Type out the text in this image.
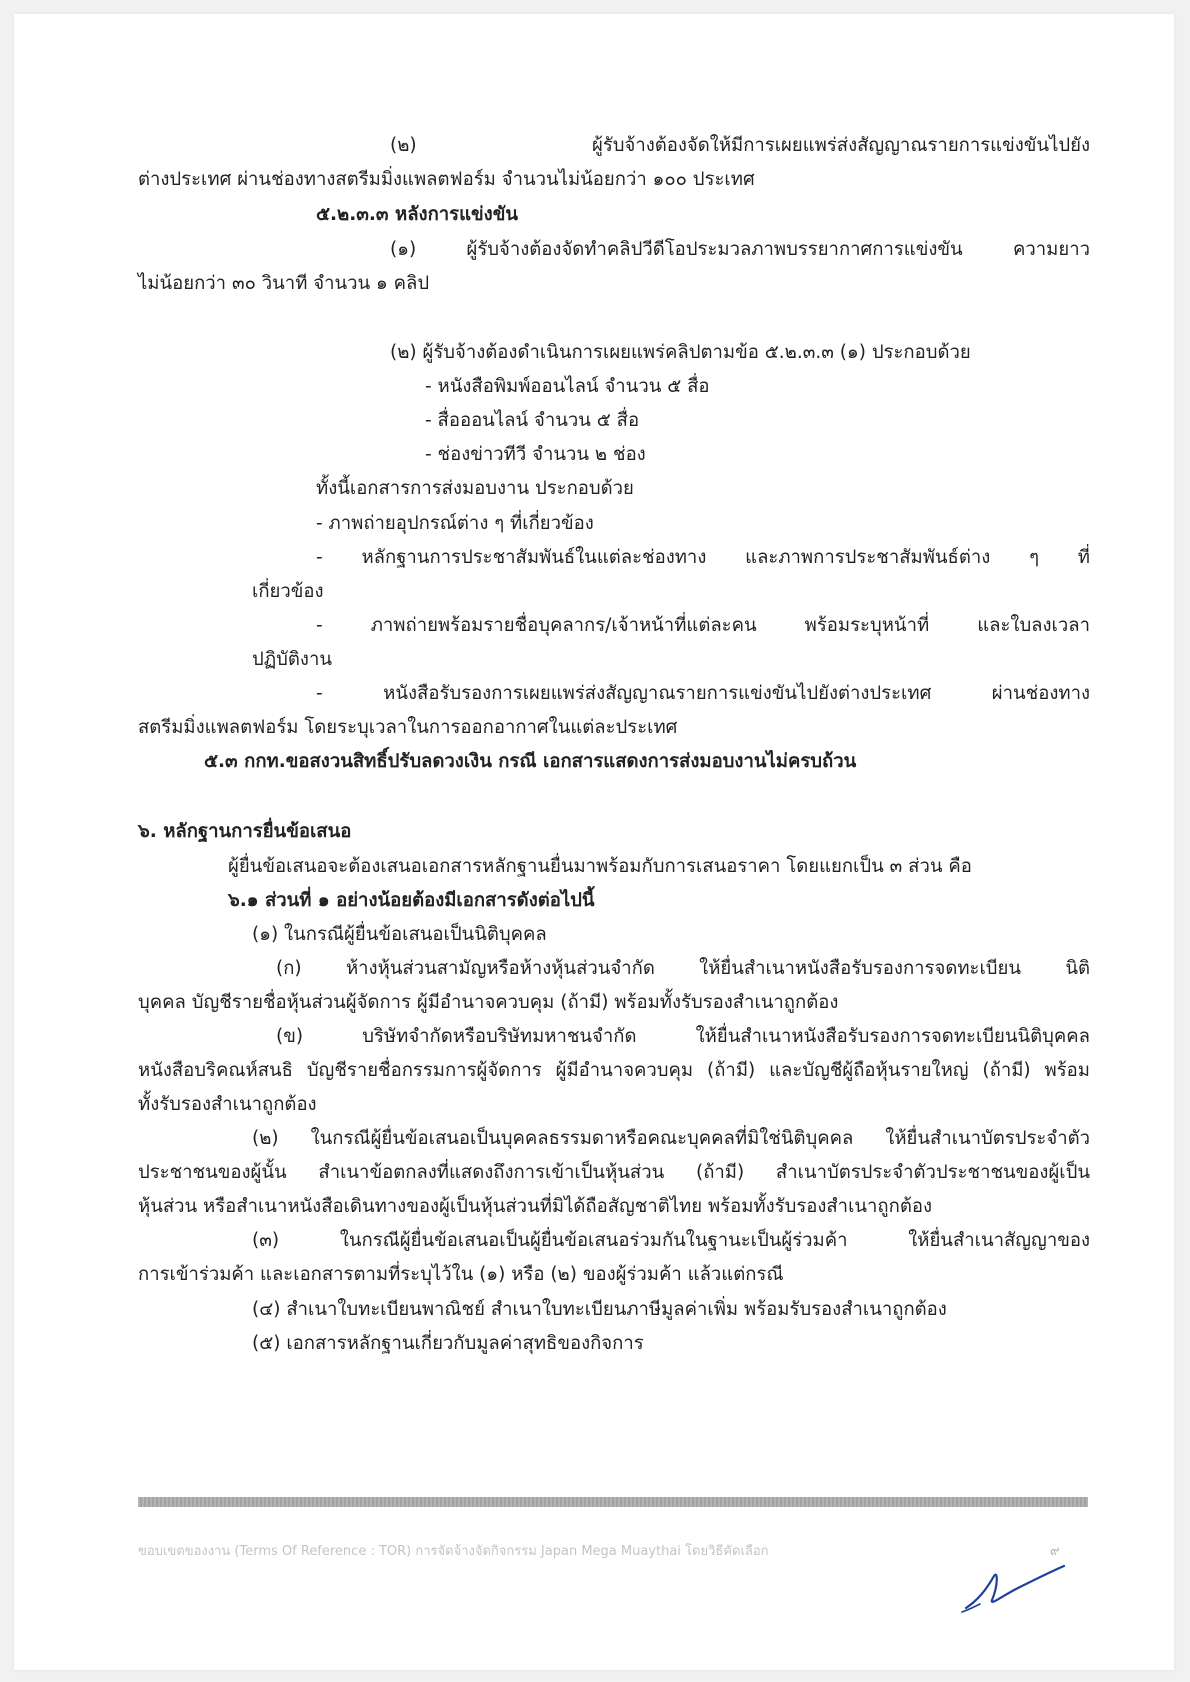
(๒) ผู้รับจ้างต้องจัดให้มีการเผยแพร่ส่งสัญญาณรายการแข่งขันไปยัง
ต่างประเทศ ผ่านช่องทางสตรีมมิ่งแพลตฟอร์ม จำนวนไม่น้อยกว่า ๑๐๐ ประเทศ
๕.๒.๓.๓ หลังการแข่งขัน
(๑) ผู้รับจ้างต้องจัดทำคลิปวีดีโอประมวลภาพบรรยากาศการแข่งขัน ความยาว
ไม่น้อยกว่า ๓๐ วินาที จำนวน ๑ คลิป
(๒) ผู้รับจ้างต้องดำเนินการเผยแพร่คลิปตามข้อ ๕.๒.๓.๓ (๑) ประกอบด้วย
- หนังสือพิมพ์ออนไลน์ จำนวน ๕ สื่อ
- สื่อออนไลน์ จำนวน ๕ สื่อ
- ช่องข่าวทีวี จำนวน ๒ ช่อง
ทั้งนี้เอกสารการส่งมอบงาน ประกอบด้วย
- ภาพถ่ายอุปกรณ์ต่าง ๆ ที่เกี่ยวข้อง
- หลักฐานการประชาสัมพันธ์ในแต่ละช่องทาง และภาพการประชาสัมพันธ์ต่าง ๆ ที่
เกี่ยวข้อง
- ภาพถ่ายพร้อมรายชื่อบุคลากร/เจ้าหน้าที่แต่ละคน พร้อมระบุหน้าที่ และใบลงเวลา
ปฏิบัติงาน
- หนังสือรับรองการเผยแพร่ส่งสัญญาณรายการแข่งขันไปยังต่างประเทศ ผ่านช่องทาง
สตรีมมิ่งแพลตฟอร์ม โดยระบุเวลาในการออกอากาศในแต่ละประเทศ
๕.๓ กกท.ขอสงวนสิทธิ์ปรับลดวงเงิน กรณี เอกสารแสดงการส่งมอบงานไม่ครบถ้วน
๖. หลักฐานการยื่นข้อเสนอ
ผู้ยื่นข้อเสนอจะต้องเสนอเอกสารหลักฐานยื่นมาพร้อมกับการเสนอราคา โดยแยกเป็น ๓ ส่วน คือ
๖.๑ ส่วนที่ ๑ อย่างน้อยต้องมีเอกสารดังต่อไปนี้
(๑) ในกรณีผู้ยื่นข้อเสนอเป็นนิติบุคคล
(ก) ห้างหุ้นส่วนสามัญหรือห้างหุ้นส่วนจำกัด ให้ยื่นสำเนาหนังสือรับรองการจดทะเบียน นิติ
บุคคล บัญชีรายชื่อหุ้นส่วนผู้จัดการ ผู้มีอำนาจควบคุม (ถ้ามี) พร้อมทั้งรับรองสำเนาถูกต้อง
(ข) บริษัทจำกัดหรือบริษัทมหาชนจำกัด ให้ยื่นสำเนาหนังสือรับรองการจดทะเบียนนิติบุคคล
หนังสือบริคณห์สนธิ บัญชีรายชื่อกรรมการผู้จัดการ ผู้มีอำนาจควบคุม (ถ้ามี) และบัญชีผู้ถือหุ้นรายใหญ่ (ถ้ามี) พร้อม
ทั้งรับรองสำเนาถูกต้อง
(๒) ในกรณีผู้ยื่นข้อเสนอเป็นบุคคลธรรมดาหรือคณะบุคคลที่มิใช่นิติบุคคล ให้ยื่นสำเนาบัตรประจำตัว
ประชาชนของผู้นั้น สำเนาข้อตกลงที่แสดงถึงการเข้าเป็นหุ้นส่วน (ถ้ามี) สำเนาบัตรประจำตัวประชาชนของผู้เป็น
หุ้นส่วน หรือสำเนาหนังสือเดินทางของผู้เป็นหุ้นส่วนที่มิได้ถือสัญชาติไทย พร้อมทั้งรับรองสำเนาถูกต้อง
(๓) ในกรณีผู้ยื่นข้อเสนอเป็นผู้ยื่นข้อเสนอร่วมกันในฐานะเป็นผู้ร่วมค้า ให้ยื่นสำเนาสัญญาของ
การเข้าร่วมค้า และเอกสารตามที่ระบุไว้ใน (๑) หรือ (๒) ของผู้ร่วมค้า แล้วแต่กรณี
(๔) สำเนาใบทะเบียนพาณิชย์ สำเนาใบทะเบียนภาษีมูลค่าเพิ่ม พร้อมรับรองสำเนาถูกต้อง
(๕) เอกสารหลักฐานเกี่ยวกับมูลค่าสุทธิของกิจการ
ขอบเขตของงาน (Terms Of Reference : TOR) การจัดจ้างจัดกิจกรรม Japan Mega Muaythai โดยวิธีคัดเลือก	๙
